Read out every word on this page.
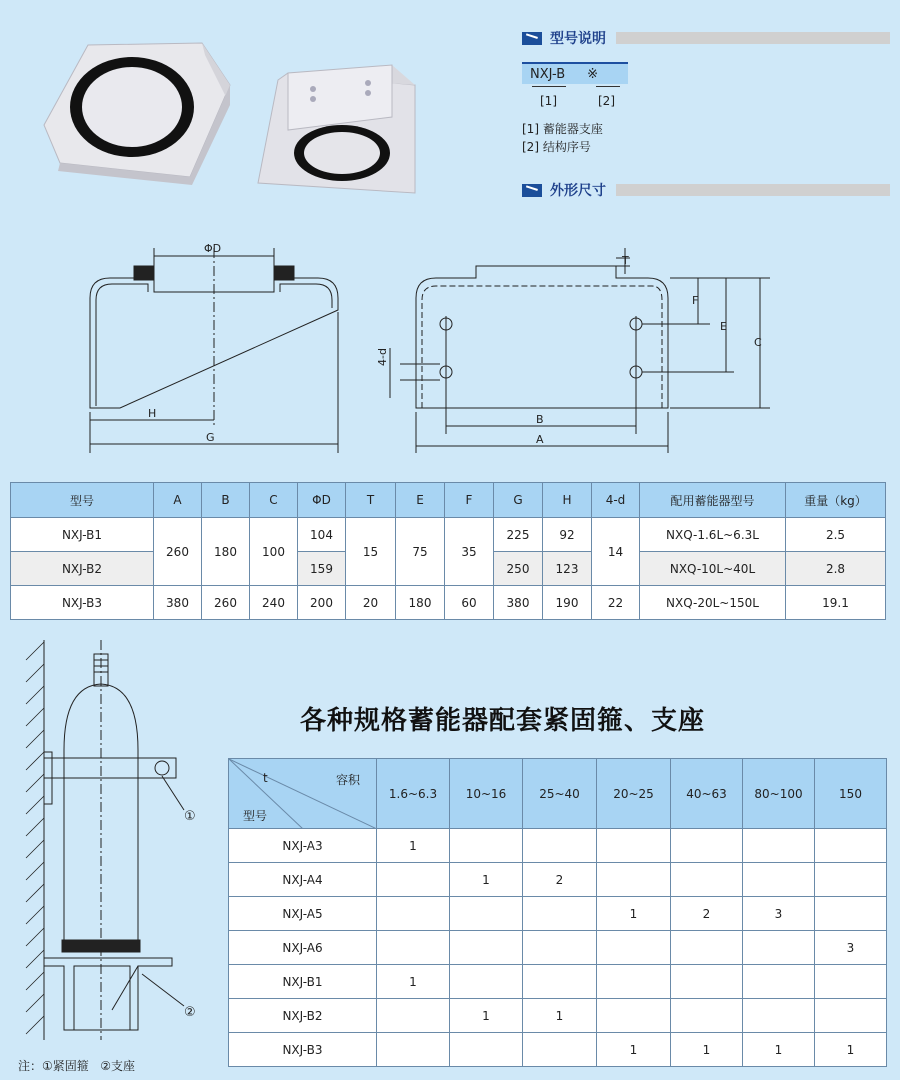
型号说明
NXJ-B ※
[1]	[2]
[1] 蓄能器支座
[2] 结构序号
外形尺寸
ΦD
H
G
4-d
T
F
E
C
B
A
型号	A	B	C	ΦD	T	E	F	G	H	4-d	配用蓄能器型号	重量（kg）
NXJ-B1	260	180	100	104	15	75	35	225	92	14	NXQ-1.6L~6.3L	2.5
NXJ-B2				159				250	123		NXQ-10L~40L	2.8
NXJ-B3	380	260	240	200	20	180	60	380	190	22	NXQ-20L~150L	19.1
①
②
注：①紧固箍   ②支座
各种规格蓄能器配套紧固箍、支座
t 容积
型号	1.6~6.3	10~16	25~40	20~25	40~63	80~100	150
NXJ-A3	1						
NXJ-A4		1	2				
NXJ-A5				1	2	3	
NXJ-A6							3
NXJ-B1	1						
NXJ-B2		1	1				
NXJ-B3				1	1	1	1
